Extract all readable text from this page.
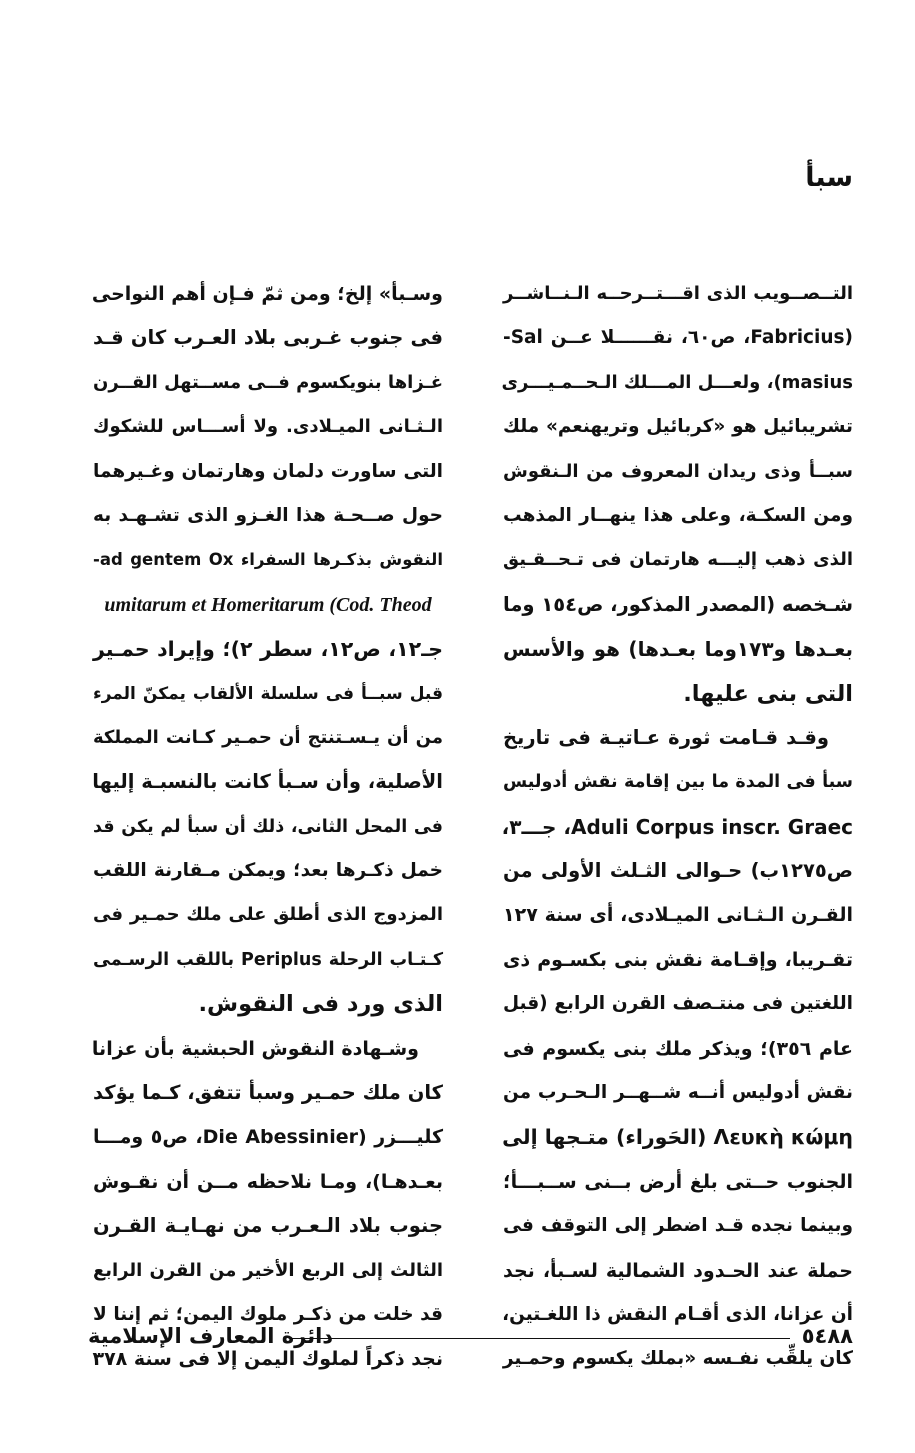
سبأ
التــصــويب الذى اقـــتــرحــه الـنــاشــر
(Fabricius، ص٦٠، نقــــــلا عــن Sal-
masius)، ولعـــل المـــلك الـحــمـيـــرى
تشريبائيل هو «كربائيل وتريهنعم» ملك
سبــأ وذى ريدان المعروف من الـنقوش
ومن السكـة، وعلى هذا ينهــار المذهب
الذى ذهب إليـــه هارتمان فى تـحــقـيق
شـخصه (المصدر المذكور، ص١٥٤ وما
بعـدها و١٧٣وما بعـدها) هو والأسس
التى بنى عليها.
وقـد قـامت ثورة عـاتيـة فى تاريخ
سبأ فى المدة ما بين إقامة نقش أدوليس
Aduli Corpus inscr. Graec، جـــ٣،
ص١٢٧٥ب) حـوالى الثـلث الأولى من
القـرن الـثـانى الميـلادى، أى سنة ١٢٧
تقـريبا، وإقـامة نقش بنى بكسـوم ذى
اللغتين فى منتـصف القرن الرابع (قبل
عام ٣٥٦)؛ ويذكر ملك بنى يكسوم فى
نقش أدوليس أنــه شــهــر الـحـرب من
Λευκὴ κώμη (الحَوراء) متـجها إلى
الجنوب حــتى بلغ أرض بــنى ســبـــأ؛
وبينما نجده قـد اضطر إلى التوقف فى
حملة عند الحـدود الشمالية لسـبأ، نجد
أن عزانا، الذى أقـام النقش ذا اللغـتين،
كان يلقِّب نفـسه «بملك يكسوم وحمـير
وسـبأ» إلخ؛ ومن ثمّ فـإن أهم النواحى
فى جنوب غـربى بلاد العـرب كان قـد
غـزاها بنويكسوم فــى مســتهل القــرن
الـثـانى الميـلادى. ولا أســـاس للشكوك
التى ساورت دلمان وهارتمان وغـيرهما
حول صــحـة هذا الغـزو الذى تشـهـد به
النقوش بذكـرها السفراء ad gentem Ox-
umitarum et Homeritarum (Cod. Theod
جـ١٢، ص١٢، سطر ٢)؛ وإيراد حمـير
قبل سبــأ فى سلسلة الألقاب يمكنّ المرء
من أن يـسـتنتج أن حمـير كـانت المملكة
الأصلية، وأن سـبأ كانت بالنسبـة إليها
فى المحل الثانى، ذلك أن سبأ لم يكن قد
خمل ذكـرها بعد؛ ويمكن مـقارنة اللقب
المزدوج الذى أطلق على ملك حمـير فى
كـتـاب الرحلة Periplus باللقب الرسـمى
الذى ورد فى النقوش.
وشـهادة النقوش الحبشية بأن عزانا
كان ملك حمـير وسبأ تتفق، كـما يؤكد
كليـــزر (Die Abessinier، ص٥ ومـــا
بعـدهـا)، ومـا نلاحظه مــن أن نقـوش
جنوب بلاد الـعـرب من نهـايـة القـرن
الثالث إلى الربع الأخير من القرن الرابع
قد خلت من ذكـر ملوك اليمن؛ ثم إننا لا
نجد ذكراً لملوك اليمن إلا فى سنة ٣٧٨
٥٤٨٨
دائرة المعارف الإسلامية
